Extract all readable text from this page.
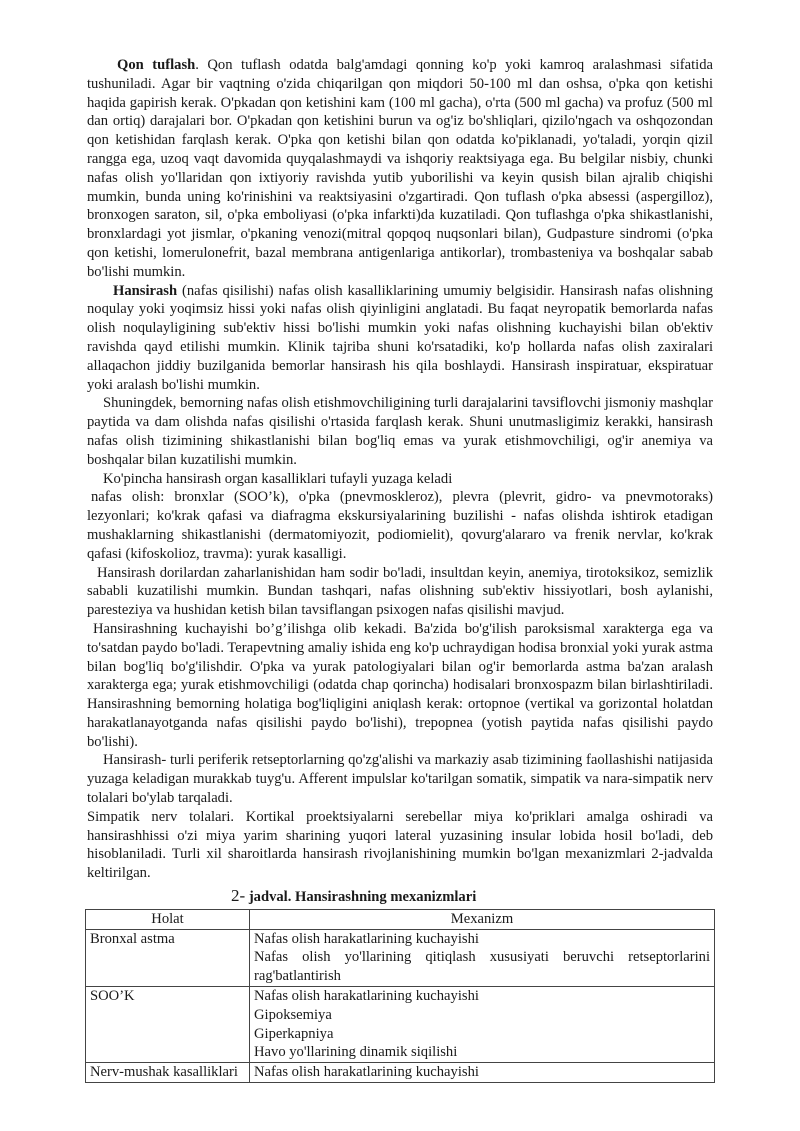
Qon tuflash. Qon tuflash odatda balg'amdagi qonning ko'p yoki kamroq aralashmasi sifatida tushuniladi. Agar bir vaqtning o'zida chiqarilgan qon miqdori 50-100 ml dan oshsa, o'pka qon ketishi haqida gapirish kerak. O'pkadan qon ketishini kam (100 ml gacha), o'rta (500 ml gacha) va profuz (500 ml dan ortiq) darajalari bor. O'pkadan qon ketishini burun va og'iz bo'shliqlari, qizilo'ngach va oshqozondan qon ketishidan farqlash kerak. O'pka qon ketishi bilan qon odatda ko'piklanadi, yo'taladi, yorqin qizil rangga ega, uzoq vaqt davomida quyqalashmaydi va ishqoriy reaktsiyaga ega. Bu belgilar nisbiy, chunki nafas olish yo'llaridan qon ixtiyoriy ravishda yutib yuborilishi va keyin qusish bilan ajralib chiqishi mumkin, bunda uning ko'rinishini va reaktsiyasini o'zgartiradi. Qon tuflash o'pka absessi (aspergilloz), bronxogen saraton, sil, o'pka emboliyasi (o'pka infarkti)da kuzatiladi. Qon tuflashga o'pka shikastlanishi, bronxlardagi yot jismlar, o'pkaning venozi(mitral qopqoq nuqsonlari bilan), Gudpasture sindromi (o'pka qon ketishi, lomerulonefrit, bazal membrana antigenlariga antikorlar), trombasteniya va boshqalar sabab bo'lishi mumkin.

Hansirash (nafas qisilishi) nafas olish kasalliklarining umumiy belgisidir. Hansirash nafas olishning noqulay yoki yoqimsiz hissi yoki nafas olish qiyinligini anglatadi. Bu faqat neyropatik bemorlarda nafas olish noqulayligining sub'ektiv hissi bo'lishi mumkin yoki nafas olishning kuchayishi bilan ob'ektiv ravishda qayd etilishi mumkin. Klinik tajriba shuni ko'rsatadiki, ko'p hollarda nafas olish zaxiralari allaqachon jiddiy buzilganida bemorlar hansirash his qila boshlaydi. Hansirash inspiratuar, ekspiratuar yoki aralash bo'lishi mumkin.

Shuningdek, bemorning nafas olish etishmovchiligining turli darajalarini tavsiflovchi jismoniy mashqlar paytida va dam olishda nafas qisilishi o'rtasida farqlash kerak. Shuni unutmasligimiz kerakki, hansirash nafas olish tizimining shikastlanishi bilan bog'liq emas va yurak etishmovchiligi, og'ir anemiya va boshqalar bilan kuzatilishi mumkin.

Ko'pincha hansirash organ kasalliklari tufayli yuzaga keladi

nafas olish: bronxlar (SOO’k), o'pka (pnevmoskleroz), plevra (plevrit, gidro- va pnevmotoraks) lezyonlari; ko'krak qafasi va diafragma ekskursiyalarining buzilishi - nafas olishda ishtirok etadigan mushaklarning shikastlanishi (dermatomiyozit, podiomielit), qovurg'alararo va frenik nervlar, ko'krak qafasi (kifoskolioz, travma): yurak kasalligi.

Hansirash dorilardan zaharlanishidan ham sodir bo'ladi, insultdan keyin, anemiya, tirotoksikoz, semizlik sababli kuzatilishi mumkin. Bundan tashqari, nafas olishning sub'ektiv hissiyotlari, bosh aylanishi, paresteziya va hushidan ketish bilan tavsiflangan psixogen nafas qisilishi mavjud.

Hansirashning kuchayishi bo’g’ilishga olib kekadi. Ba'zida bo'g'ilish paroksismal xarakterga ega va to'satdan paydo bo'ladi. Terapevtning amaliy ishida eng ko'p uchraydigan hodisa bronxial yoki yurak astma bilan bog'liq bo'g'ilishdir. O'pka va yurak patologiyalari bilan og'ir bemorlarda astma ba'zan aralash xarakterga ega; yurak etishmovchiligi (odatda chap qorincha) hodisalari bronxospazm bilan birlashtiriladi. Hansirashning bemorning holatiga bog'liqligini aniqlash kerak: ortopnoe (vertikal va gorizontal holatdan harakatlanayotganda nafas qisilishi paydo bo'lishi), trepopnea (yotish paytida nafas qisilishi paydo bo'lishi).

Hansirash- turli periferik retseptorlarning qo'zg'alishi va markaziy asab tizimining faollashishi natijasida yuzaga keladigan murakkab tuyg'u. Afferent impulslar ko'tarilgan somatik, simpatik va nara-simpatik nerv tolalari bo'ylab tarqaladi.

Simpatik nerv tolalari. Kortikal proektsiyalarni serebellar miya ko'priklari amalga oshiradi va hansirashhissi o'zi miya yarim sharining yuqori lateral yuzasining insular lobida hosil bo'ladi, deb hisoblaniladi. Turli xil sharoitlarda hansirash rivojlanishining mumkin bo'lgan mexanizmlari 2-jadvalda keltirilgan.

2- jadval. Hansirashning mexanizmlari
Holat	Mexanizm
Bronxal astma	Nafas olish harakatlarining kuchayishi
Nafas olish yo'llarining qitiqlash xususiyati beruvchi retseptorlarini rag'batlantirish

SOO’K	Nafas olish harakatlarining kuchayishi
Gipoksemiya
Giperkapniya
Havo yo'llarining dinamik siqilishi

Nerv-mushak kasalliklari	Nafas olish harakatlarining kuchayishi
